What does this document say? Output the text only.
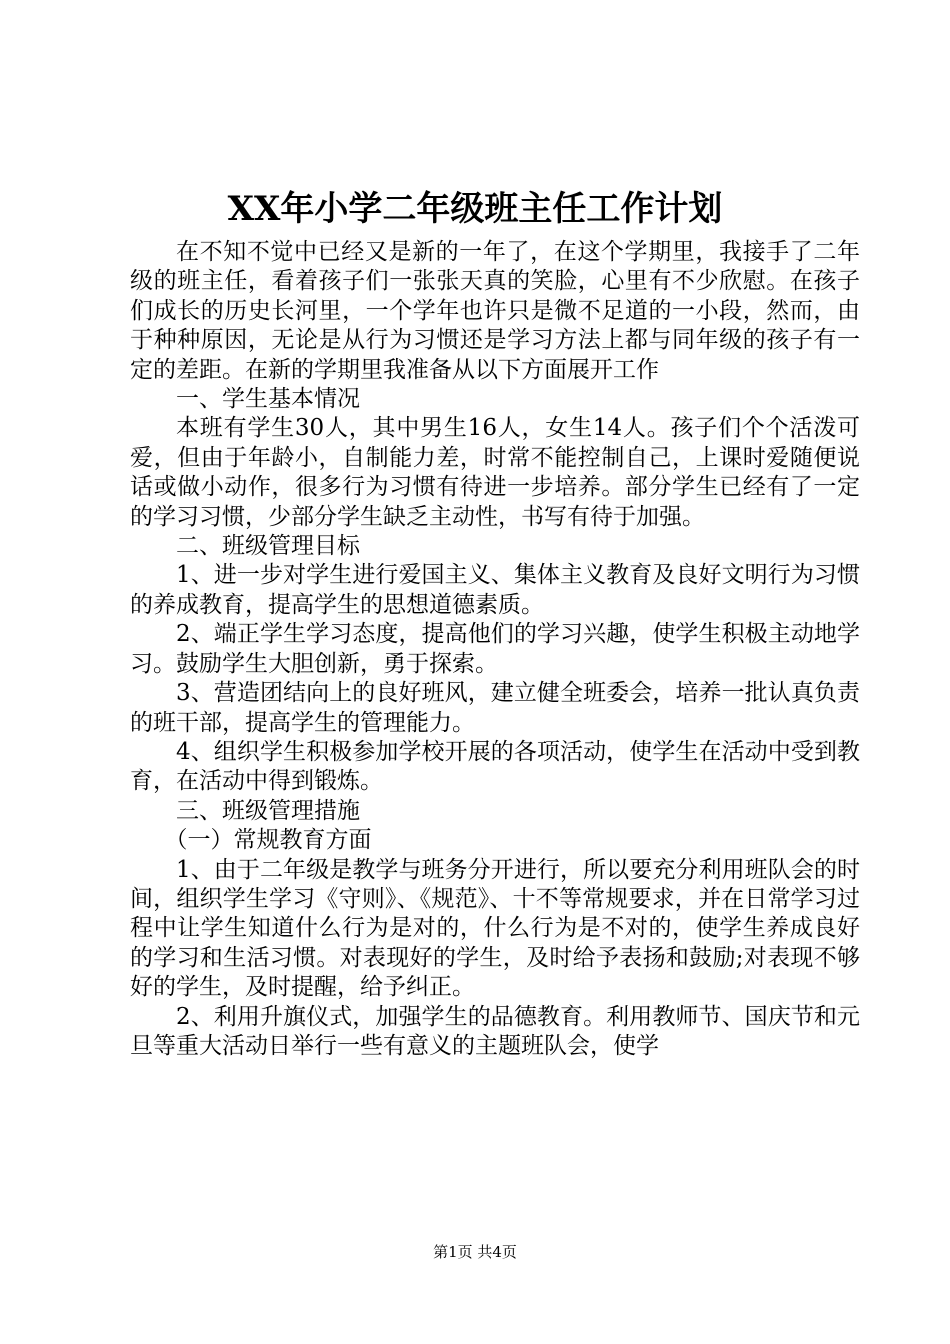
XX年小学二年级班主任工作计划

在不知不觉中已经又是新的一年了，在这个学期里，我接手了二年级的班主任，看着孩子们一张张天真的笑脸，心里有不少欣慰。在孩子们成长的历史长河里，一个学年也许只是微不足道的一小段，然而，由于种种原因，无论是从行为习惯还是学习方法上都与同年级的孩子有一定的差距。在新的学期里我准备从以下方面展开工作

一、学生基本情况

本班有学生30人，其中男生16人，女生14人。孩子们个个活泼可爱，但由于年龄小，自制能力差，时常不能控制自己，上课时爱随便说话或做小动作，很多行为习惯有待进一步培养。部分学生已经有了一定的学习习惯，少部分学生缺乏主动性，书写有待于加强。

二、班级管理目标

1、进一步对学生进行爱国主义、集体主义教育及良好文明行为习惯的养成教育，提高学生的思想道德素质。

2、端正学生学习态度，提高他们的学习兴趣，使学生积极主动地学习。鼓励学生大胆创新，勇于探索。

3、营造团结向上的良好班风，建立健全班委会，培养一批认真负责的班干部，提高学生的管理能力。

4、组织学生积极参加学校开展的各项活动，使学生在活动中受到教育，在活动中得到锻炼。

三、班级管理措施

（一）常规教育方面

1、由于二年级是教学与班务分开进行，所以要充分利用班队会的时间，组织学生学习《守则》、《规范》、十不等常规要求，并在日常学习过程中让学生知道什么行为是对的，什么行为是不对的，使学生养成良好的学习和生活习惯。对表现好的学生，及时给予表扬和鼓励;对表现不够好的学生，及时提醒，给予纠正。

2、利用升旗仪式，加强学生的品德教育。利用教师节、国庆节和元旦等重大活动日举行一些有意义的主题班队会，使学

第1页 共4页
